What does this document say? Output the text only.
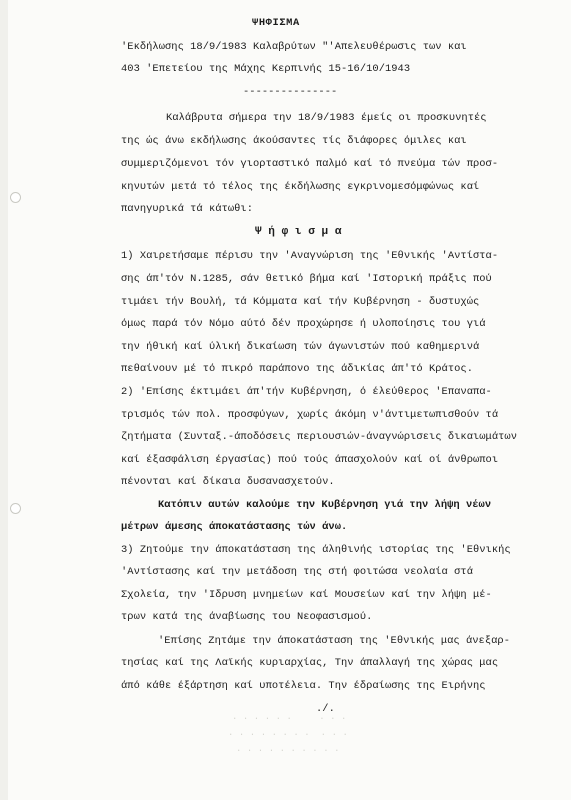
ΨΗΦΙΣΜΑ
'Εκδήλωσης 18/9/1983 Καλαβρύτων "'Απελευθέρωσις των και
403 'Επετείου της Μάχης Κερπινής 15-16/10/1943
---------------
Καλάβρυτα σήμερα την 18/9/1983 έμείς οι προσκυνητές
της ώς άνω εκδήλωσης άκούσαντες τίς διάφορες όμιλες και
συμμεριζόμενοι τόν γιορταστικό παλμό καί τό πνεύμα τών προσ-
κηνυτών μετά τό τέλος της έκδήλωσης εγκρινομεσόμφώνως καί
πανηγυρικά τά κάτωθι:
Ψ ή φ ι σ μ α
1) Χαιρετήσαμε πέρισυ την 'Αναγνώριση της 'Εθνικής 'Αντίστα-
σης άπ'τόν Ν.1285, σάν θετικό βήμα καί 'Ιστορική πράξις πού
τιμάει τήν Βουλή, τά Κόμματα καί τήν Κυβέρνηση - δυστυχώς
όμως παρά τόν Νόμο αύτό δέν προχώρησε ή υλοποίησις του γιά
την ήθική καί ύλική δικαίωση τών άγωνιστών πού καθημερινά
πεθαίνουν μέ τό πικρό παράπονο της άδικίας άπ'τό Κράτος.
2) 'Επίσης έκτιμάει άπ'τήν Κυβέρνηση, ό έλεύθερος 'Επαναπα-
τρισμός τών πολ. προσφύγων, χωρίς άκόμη ν'άντιμετωπισθούν τά
ζητήματα (Συνταξ.-άποδόσεις περιουσιών-άναγνώρισεις δικαιωμάτων
καί έξασφάλιση έργασίας) πού τούς άπασχολούν καί οί άνθρωποι
πένονται καί δίκαια δυσανασχετούν.
Κατόπιν αυτών καλούμε την Κυβέρνηση γιά την λήψη νέων
μέτρων άμεσης άποκατάστασης τών άνω.
3) Ζητούμε την άποκατάσταση της άληθινής ιστορίας της 'Εθνικής
'Αντίστασης καί την μετάδοση της στή φοιτώσα νεολαία στά
Σχολεία, την 'Ιδρυση μνημείων καί Μουσείων καί την λήψη μέ-
τρων κατά της άναβίωσης του Νεοφασισμού.
'Επίσης Ζητάμε την άποκατάσταση της 'Εθνικής μας άνεξαρ-
τησίας καί της Λαϊκής κυριαρχίας, Την άπαλλαγή της χώρας μας
άπό κάθε έξάρτηση καί υποτέλεια. Την έδραίωσης της Ειρήνης
./.
· · · · · ·     · · ·
· · · · · · · ·  · · ·
· · · · · · · · · ·
